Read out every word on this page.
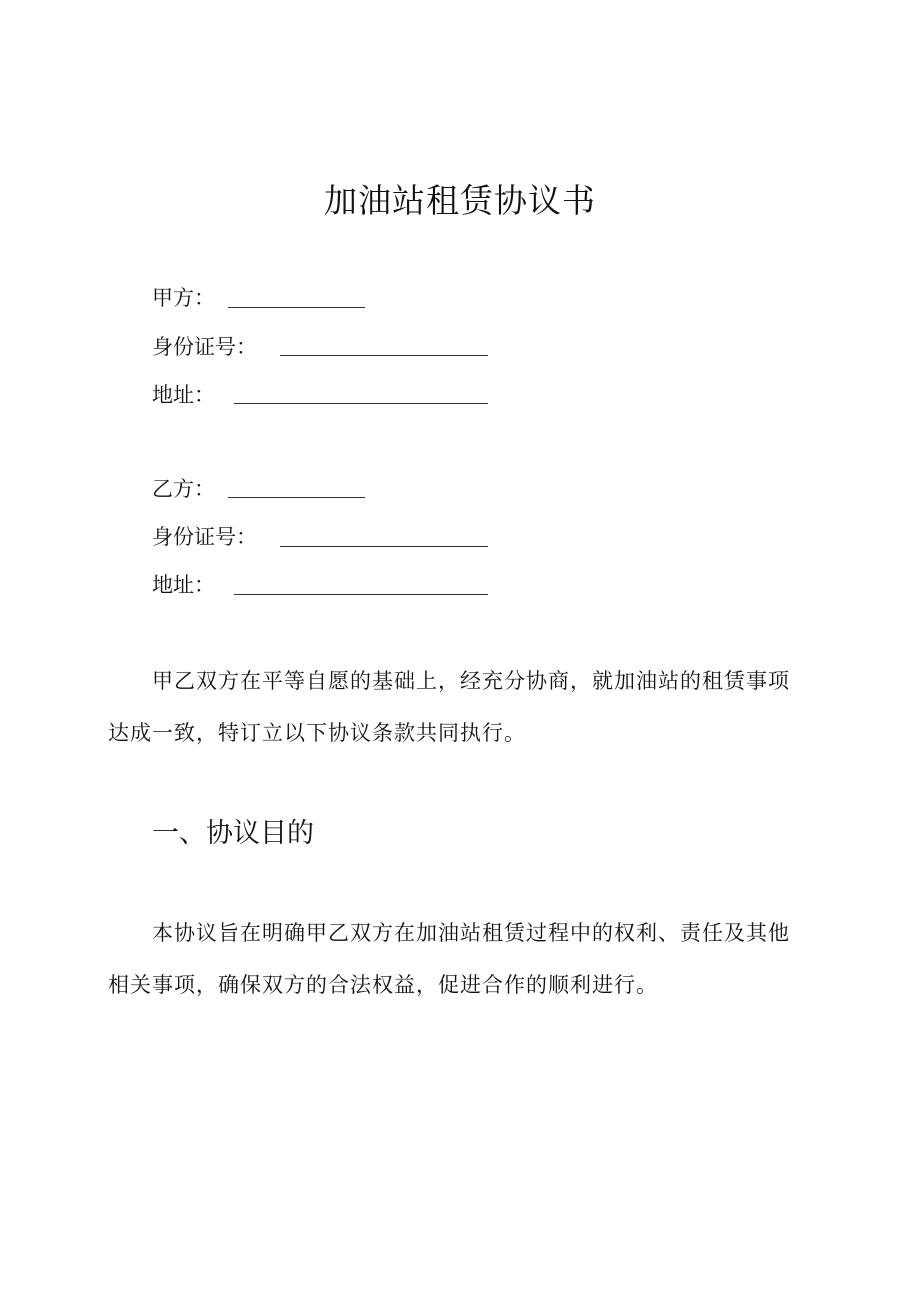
加油站租赁协议书
甲方：
身份证号：
地址：
乙方：
身份证号：
地址：

甲乙双方在平等自愿的基础上，经充分协商，就加油站的租赁事项达成一致，特订立以下协议条款共同执行。

一、协议目的

本协议旨在明确甲乙双方在加油站租赁过程中的权利、责任及其他相关事项，确保双方的合法权益，促进合作的顺利进行。
